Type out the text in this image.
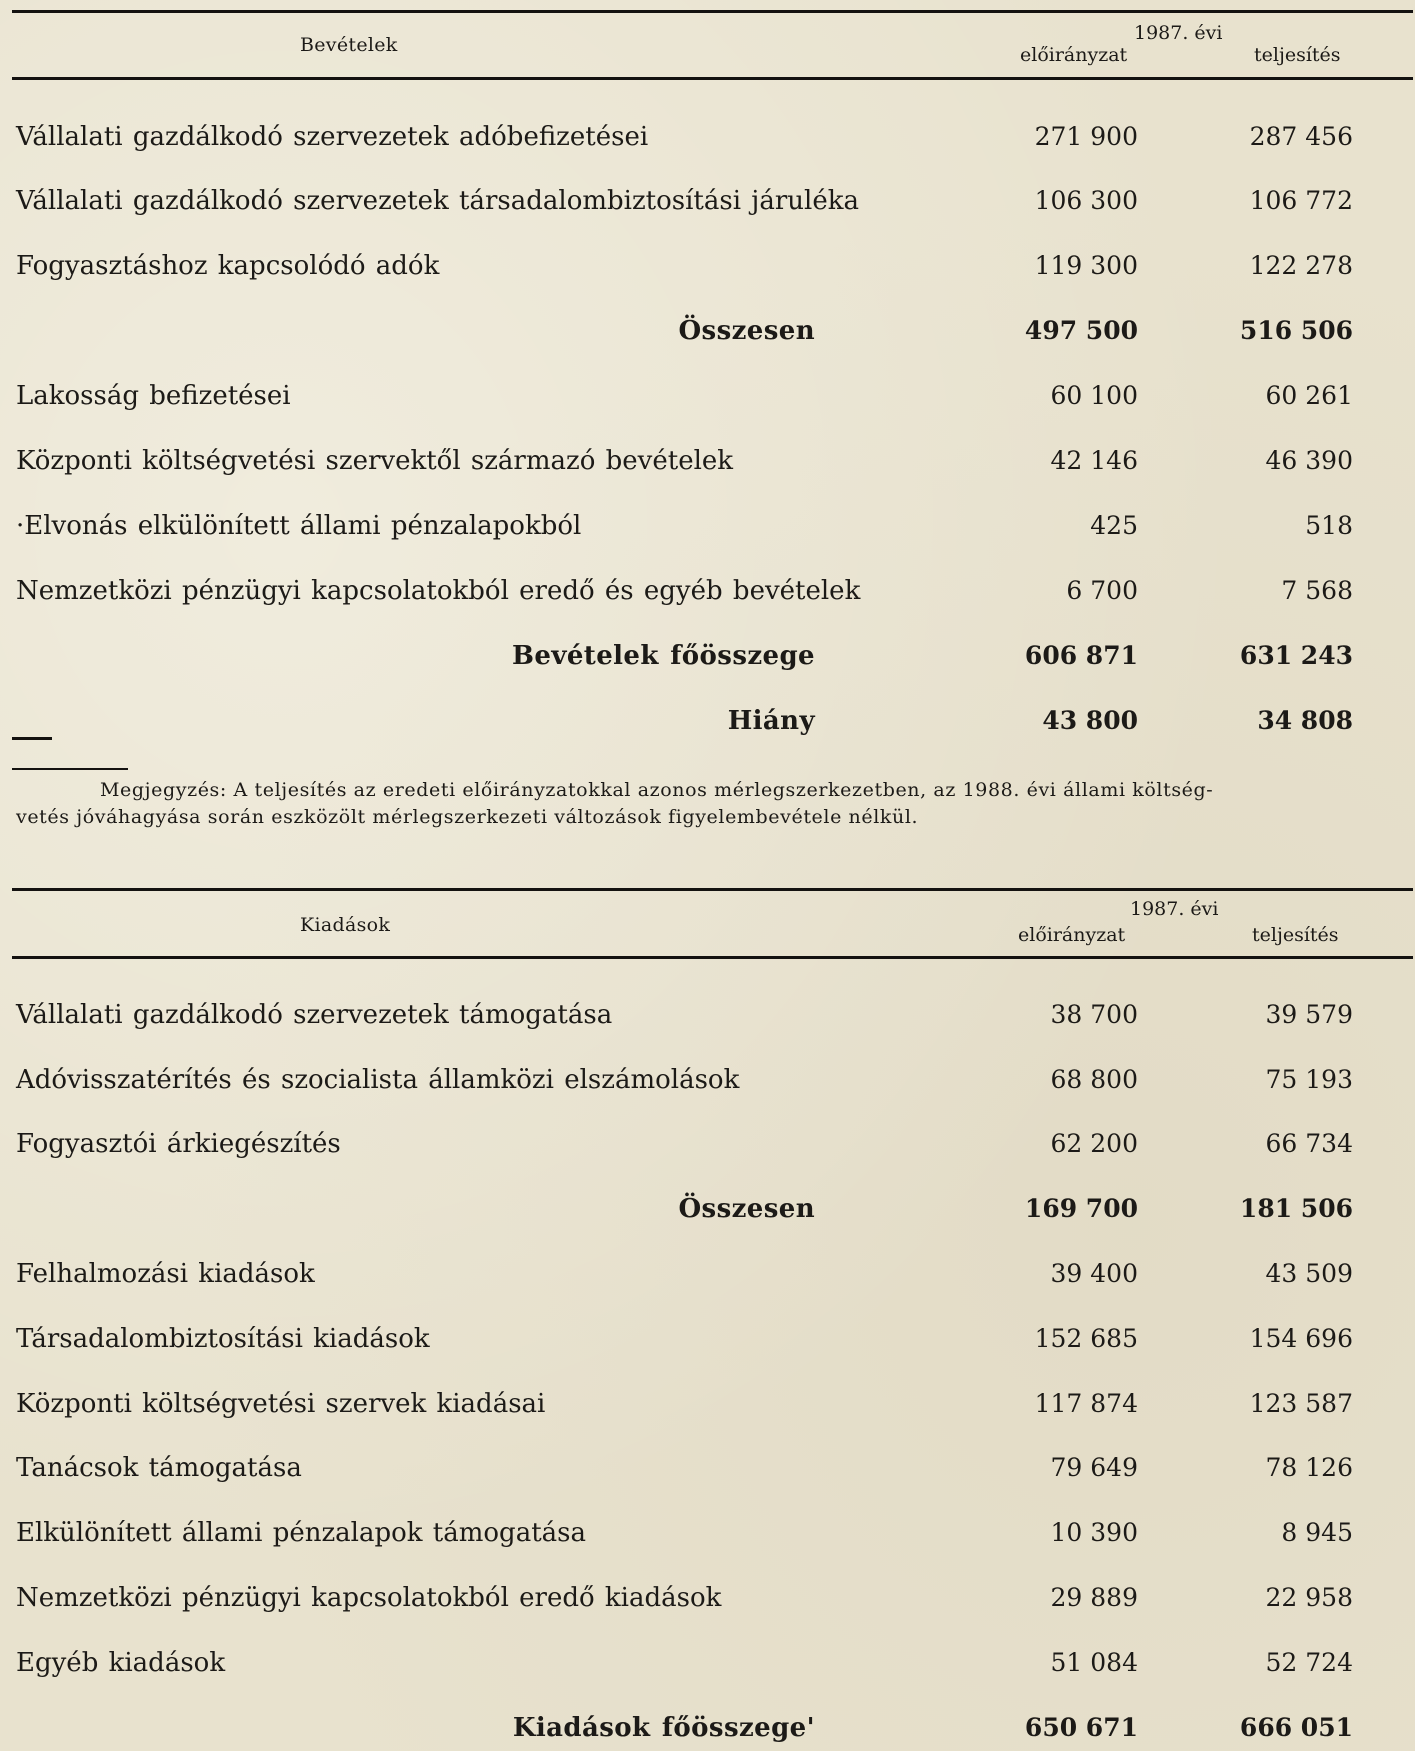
Bevételek
1987. évi
előirányzat	teljesítés
Vállalati gazdálkodó szervezetek adóbefizetései	271 900	287 456
Vállalati gazdálkodó szervezetek társadalombiztosítási járuléka	106 300	106 772
Fogyasztáshoz kapcsolódó adók	119 300	122 278
Összesen	497 500	516 506
Lakosság befizetései	60 100	60 261
Központi költségvetési szervektől származó bevételek	42 146	46 390
·Elvonás elkülönített állami pénzalapokból	425	518
Nemzetközi pénzügyi kapcsolatokból eredő és egyéb bevételek	6 700	7 568
Bevételek főösszege	606 871	631 243
Hiány	43 800	34 808
Megjegyzés: A teljesítés az eredeti előirányzatokkal azonos mérlegszerkezetben, az 1988. évi állami költség-
vetés jóváhagyása során eszközölt mérlegszerkezeti változások figyelembevétele nélkül.
Kiadások
1987. évi
előirányzat	teljesítés
Vállalati gazdálkodó szervezetek támogatása	38 700	39 579
Adóvisszatérítés és szocialista államközi elszámolások	68 800	75 193
Fogyasztói árkiegészítés	62 200	66 734
Összesen	169 700	181 506
Felhalmozási kiadások	39 400	43 509
Társadalombiztosítási kiadások	152 685	154 696
Központi költségvetési szervek kiadásai	117 874	123 587
Tanácsok támogatása	79 649	78 126
Elkülönített állami pénzalapok támogatása	10 390	8 945
Nemzetközi pénzügyi kapcsolatokból eredő kiadások	29 889	22 958
Egyéb kiadások	51 084	52 724
Kiadások főösszege'	650 671	666 051
